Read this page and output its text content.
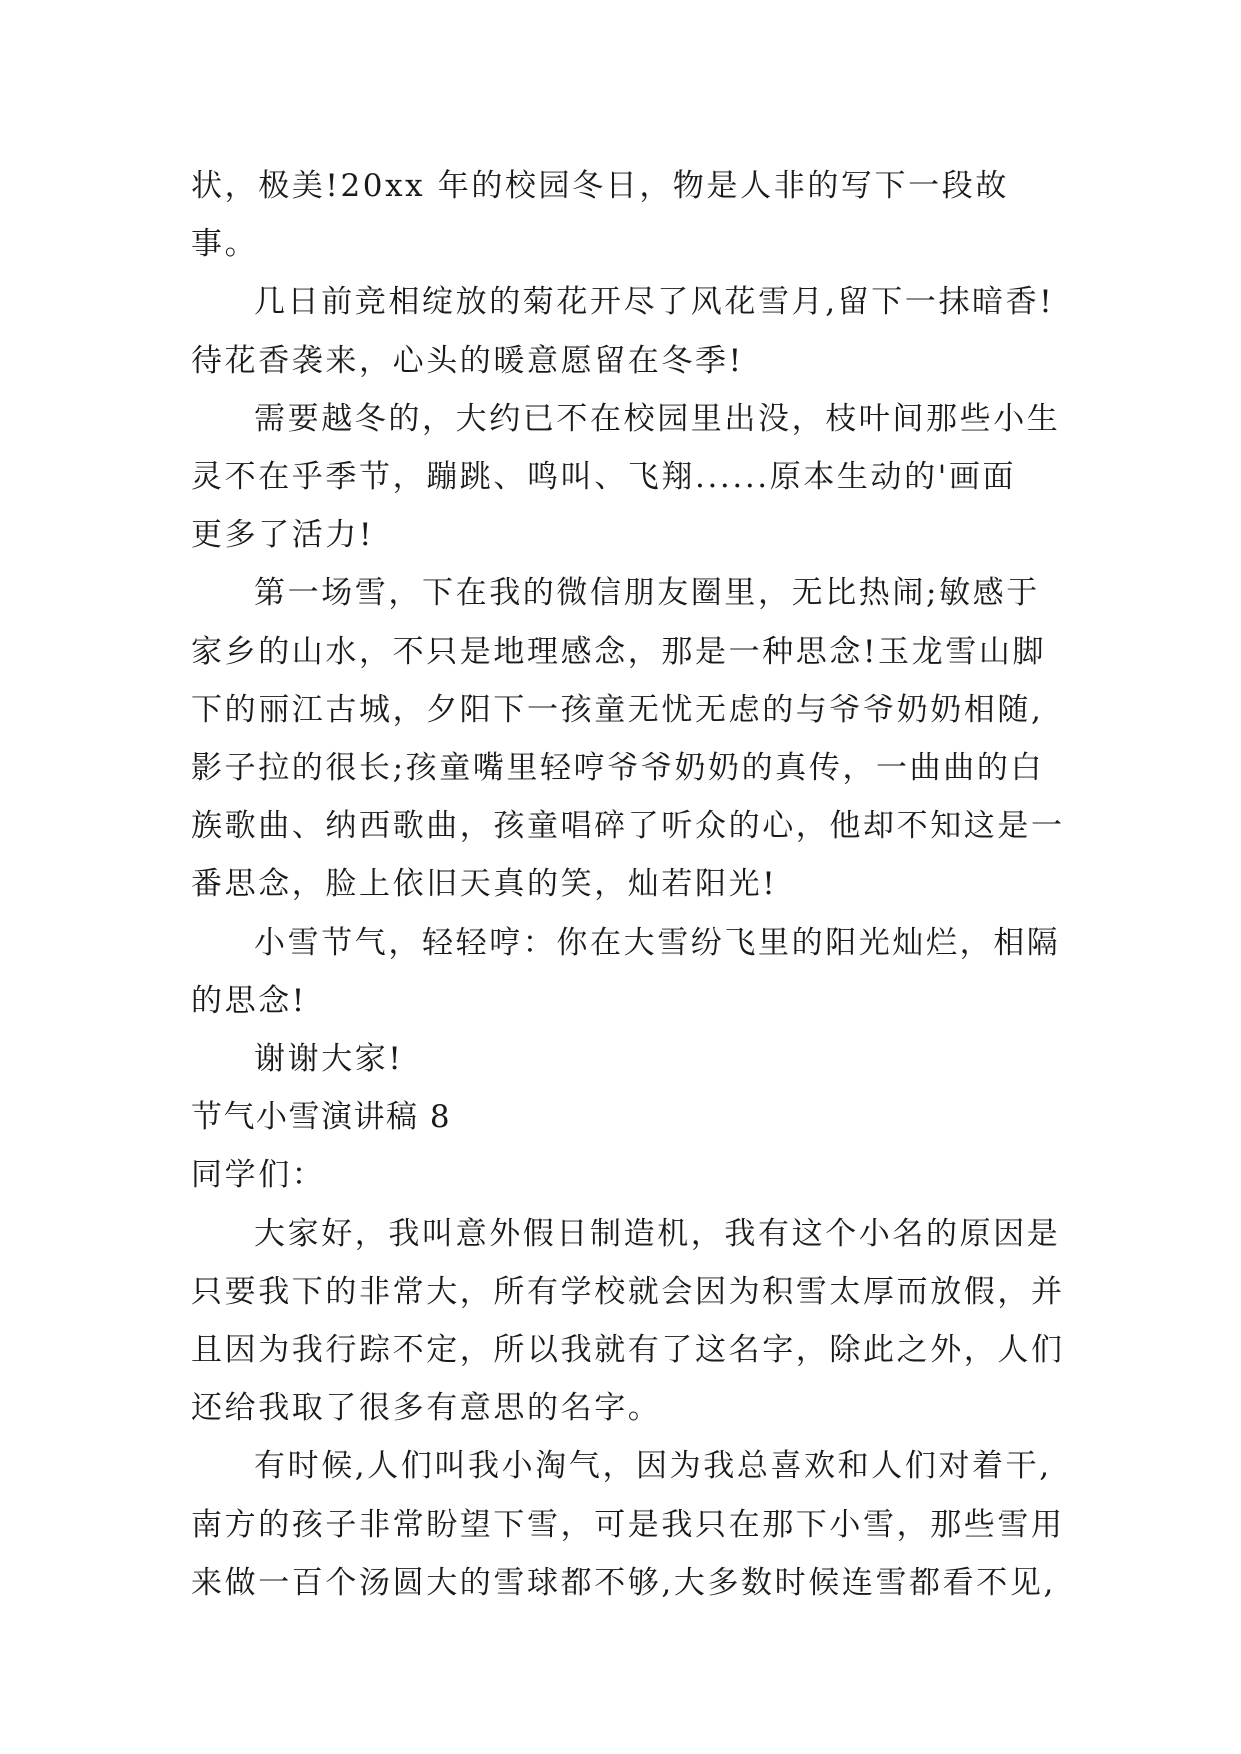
状，极美!20xx 年的校园冬日，物是人非的写下一段故事。

几日前竞相绽放的菊花开尽了风花雪月,留下一抹暗香!
待花香袭来，心头的暖意愿留在冬季!

需要越冬的，大约已不在校园里出没，枝叶间那些小生
灵不在乎季节，蹦跳、鸣叫、飞翔......原本生动的'画面
更多了活力!

第一场雪，下在我的微信朋友圈里，无比热闹;敏感于
家乡的山水，不只是地理感念，那是一种思念!玉龙雪山脚
下的丽江古城，夕阳下一孩童无忧无虑的与爷爷奶奶相随,
影子拉的很长;孩童嘴里轻哼爷爷奶奶的真传，一曲曲的白
族歌曲、纳西歌曲，孩童唱碎了听众的心，他却不知这是一
番思念，脸上依旧天真的笑，灿若阳光!

小雪节气，轻轻哼：你在大雪纷飞里的阳光灿烂，相隔
的思念!

谢谢大家!

节气小雪演讲稿 8

同学们：

大家好，我叫意外假日制造机，我有这个小名的原因是
只要我下的非常大，所有学校就会因为积雪太厚而放假，并
且因为我行踪不定，所以我就有了这名字，除此之外，人们
还给我取了很多有意思的名字。

有时候,人们叫我小淘气，因为我总喜欢和人们对着干,
南方的孩子非常盼望下雪，可是我只在那下小雪，那些雪用
来做一百个汤圆大的雪球都不够,大多数时候连雪都看不见,
